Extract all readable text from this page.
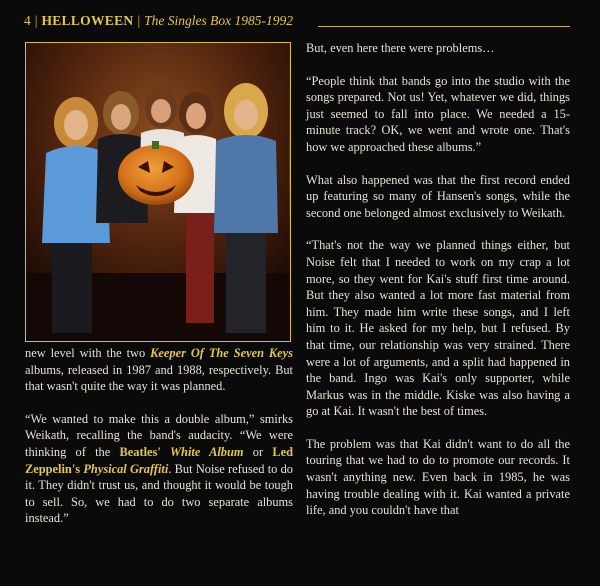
4 | HELLOWEEN | The Singles Box 1985-1992

new level with the two Keeper Of The Seven Keys albums, released in 1987 and 1988, respectively. But that wasn't quite the way it was planned.

“We wanted to make this a double album,” smirks Weikath, recalling the band's audacity. “We were thinking of the Beatles' White Album or Led Zeppelin's Physical Graffiti. But Noise refused to do it. They didn't trust us, and thought it would be tough to sell. So, we had to do two separate albums instead.”

But, even here there were problems…

“People think that bands go into the studio with the songs prepared. Not us! Yet, whatever we did, things just seemed to fall into place. We needed a 15-minute track? OK, we went and wrote one. That's how we approached these albums.”

What also happened was that the first record ended up featuring so many of Hansen's songs, while the second one belonged almost exclusively to Weikath.

“That's not the way we planned things either, but Noise felt that I needed to work on my crap a lot more, so they went for Kai's stuff first time around. But they also wanted a lot more fast material from him. They made him write these songs, and I left him to it. He asked for my help, but I refused. By that time, our relationship was very strained. There were a lot of arguments, and a split had happened in the band. Ingo was Kai's only supporter, while Markus was in the middle. Kiske was also having a go at Kai. It wasn't the best of times.

The problem was that Kai didn't want to do all the touring that we had to do to promote our records. It wasn't anything new. Even back in 1985, he was having trouble dealing with it. Kai wanted a private life, and you couldn't have that
